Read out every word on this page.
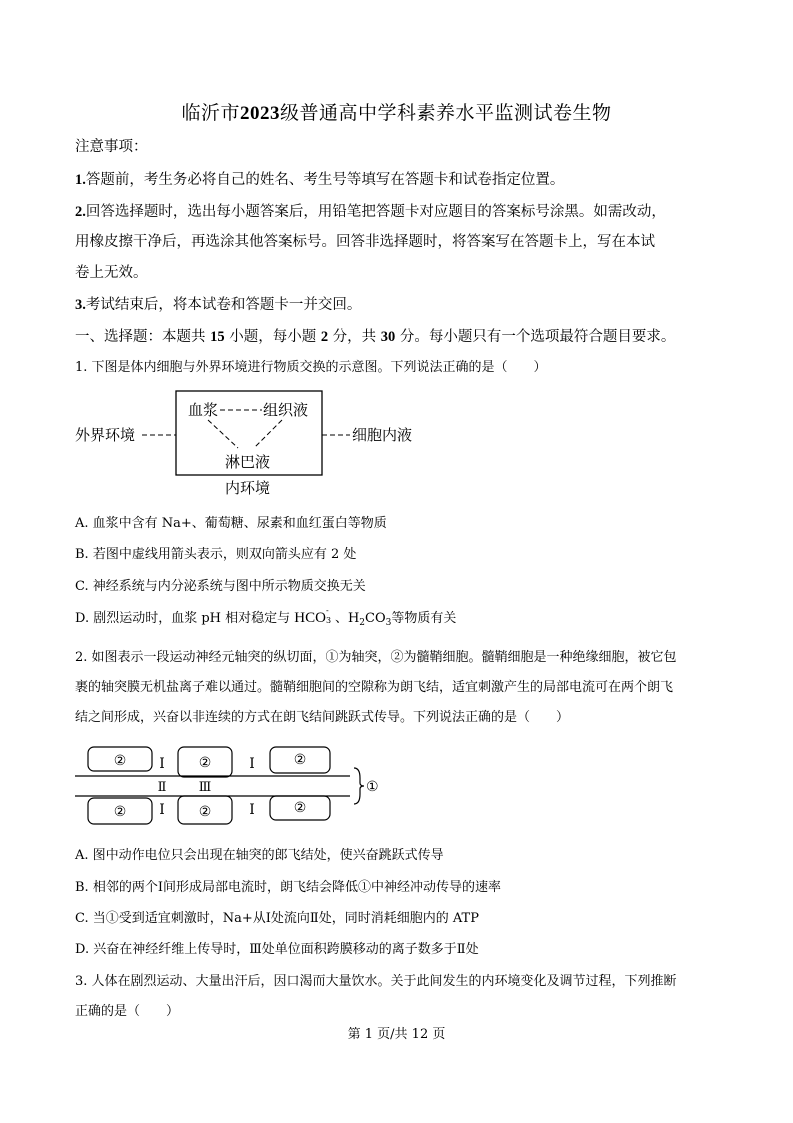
临沂市2023级普通高中学科素养水平监测试卷生物
注意事项：
1.答题前，考生务必将自己的姓名、考生号等填写在答题卡和试卷指定位置。
2.回答选择题时，选出每小题答案后，用铅笔把答题卡对应题目的答案标号涂黑。如需改动，
用橡皮擦干净后，再选涂其他答案标号。回答非选择题时，将答案写在答题卡上，写在本试
卷上无效。
3.考试结束后，将本试卷和答题卡一并交回。
一、选择题：本题共 15 小题，每小题 2 分，共 30 分。每小题只有一个选项最符合题目要求。
1. 下图是体内细胞与外界环境进行物质交换的示意图。下列说法正确的是（　　）
外界环境
血浆	组织液
淋巴液
细胞内液
内环境
A. 血浆中含有 Na+、葡萄糖、尿素和血红蛋白等物质
B. 若图中虚线用箭头表示，则双向箭头应有 2 处
C. 神经系统与内分泌系统与图中所示物质交换无关
D. 剧烈运动时，血浆 pH 相对稳定与 HCO -
3 、$H_2CO_3$等物质有关
2. 如图表示一段运动神经元轴突的纵切面，①为轴突，②为髓鞘细胞。髓鞘细胞是一种绝缘细胞，被它包
裹的轴突膜无机盐离子难以通过。髓鞘细胞间的空隙称为朗飞结，适宜刺激产生的局部电流可在两个朗飞
结之间形成，兴奋以非连续的方式在朗飞结间跳跃式传导。下列说法正确的是（　　）
②	②	②
②	②	②
Ⅰ	Ⅰ
Ⅰ	Ⅰ
Ⅱ Ⅲ	①
A. 图中动作电位只会出现在轴突的郎飞结处，使兴奋跳跃式传导
B. 相邻的两个Ⅰ间形成局部电流时，朗飞结会降低①中神经冲动传导的速率
C. 当①受到适宜刺激时，Na+从Ⅰ处流向Ⅱ处，同时消耗细胞内的 ATP
D. 兴奋在神经纤维上传导时，Ⅲ处单位面积跨膜移动的离子数多于Ⅱ处
3. 人体在剧烈运动、大量出汗后，因口渴而大量饮水。关于此间发生的内环境变化及调节过程，下列推断
正确的是（　　）
第 1 页/共 12 页
